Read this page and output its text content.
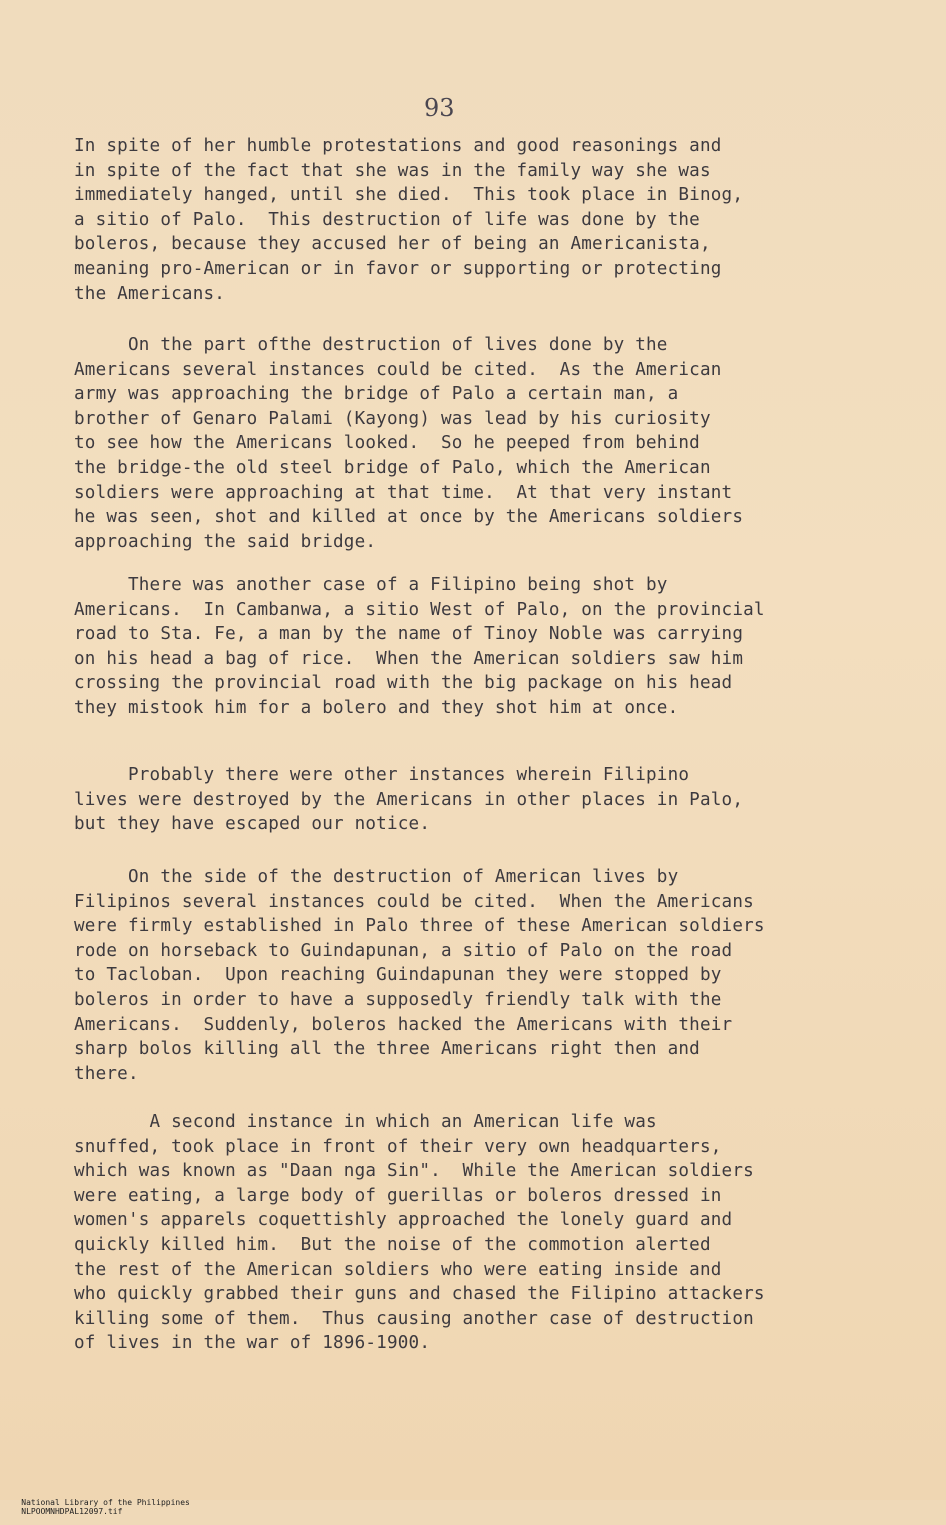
93
In spite of her humble protestations and good reasonings and
in spite of the fact that she was in the family way she was
immediately hanged, until she died.  This took place in Binog,
a sitio of Palo.  This destruction of life was done by the
boleros, because they accused her of being an Americanista,
meaning pro-American or in favor or supporting or protecting
the Americans.
On the part ofthe destruction of lives done by the
Americans several instances could be cited.  As the American
army was approaching the bridge of Palo a certain man, a
brother of Genaro Palami (Kayong) was lead by his curiosity
to see how the Americans looked.  So he peeped from behind
the bridge-the old steel bridge of Palo, which the American
soldiers were approaching at that time.  At that very instant
he was seen, shot and killed at once by the Americans soldiers
approaching the said bridge.
There was another case of a Filipino being shot by
Americans.  In Cambanwa, a sitio West of Palo, on the provincial
road to Sta. Fe, a man by the name of Tinoy Noble was carrying
on his head a bag of rice.  When the American soldiers saw him
crossing the provincial road with the big package on his head
they mistook him for a bolero and they shot him at once.
Probably there were other instances wherein Filipino
lives were destroyed by the Americans in other places in Palo,
but they have escaped our notice.
On the side of the destruction of American lives by
Filipinos several instances could be cited.  When the Americans
were firmly established in Palo three of these American soldiers
rode on horseback to Guindapunan, a sitio of Palo on the road
to Tacloban.  Upon reaching Guindapunan they were stopped by
boleros in order to have a supposedly friendly talk with the
Americans.  Suddenly, boleros hacked the Americans with their
sharp bolos killing all the three Americans right then and
there.
A second instance in which an American life was
snuffed, took place in front of their very own headquarters,
which was known as "Daan nga Sin".  While the American soldiers
were eating, a large body of guerillas or boleros dressed in
women's apparels coquettishly approached the lonely guard and
quickly killed him.  But the noise of the commotion alerted
the rest of the American soldiers who were eating inside and
who quickly grabbed their guns and chased the Filipino attackers
killing some of them.  Thus causing another case of destruction
of lives in the war of 1896-1900.

National Library of the Philippines
NLPOOMNHDPAL12097.tif
